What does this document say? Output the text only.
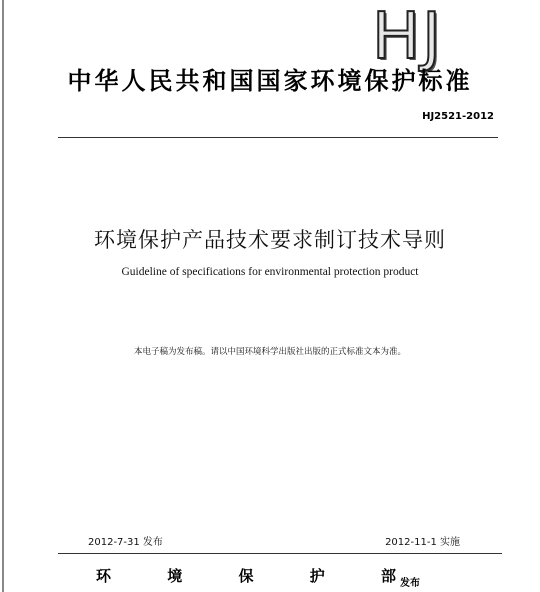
HJ
中华人民共和国国家环境保护标准
HJ2521-2012
环境保护产品技术要求制订技术导则
Guideline of specifications for environmental protection product
本电子稿为发布稿。请以中国环境科学出版社出版的正式标准文本为准。
2012-7-31 发布	2012-11-1 实施
环	境	保	护	部 发布
